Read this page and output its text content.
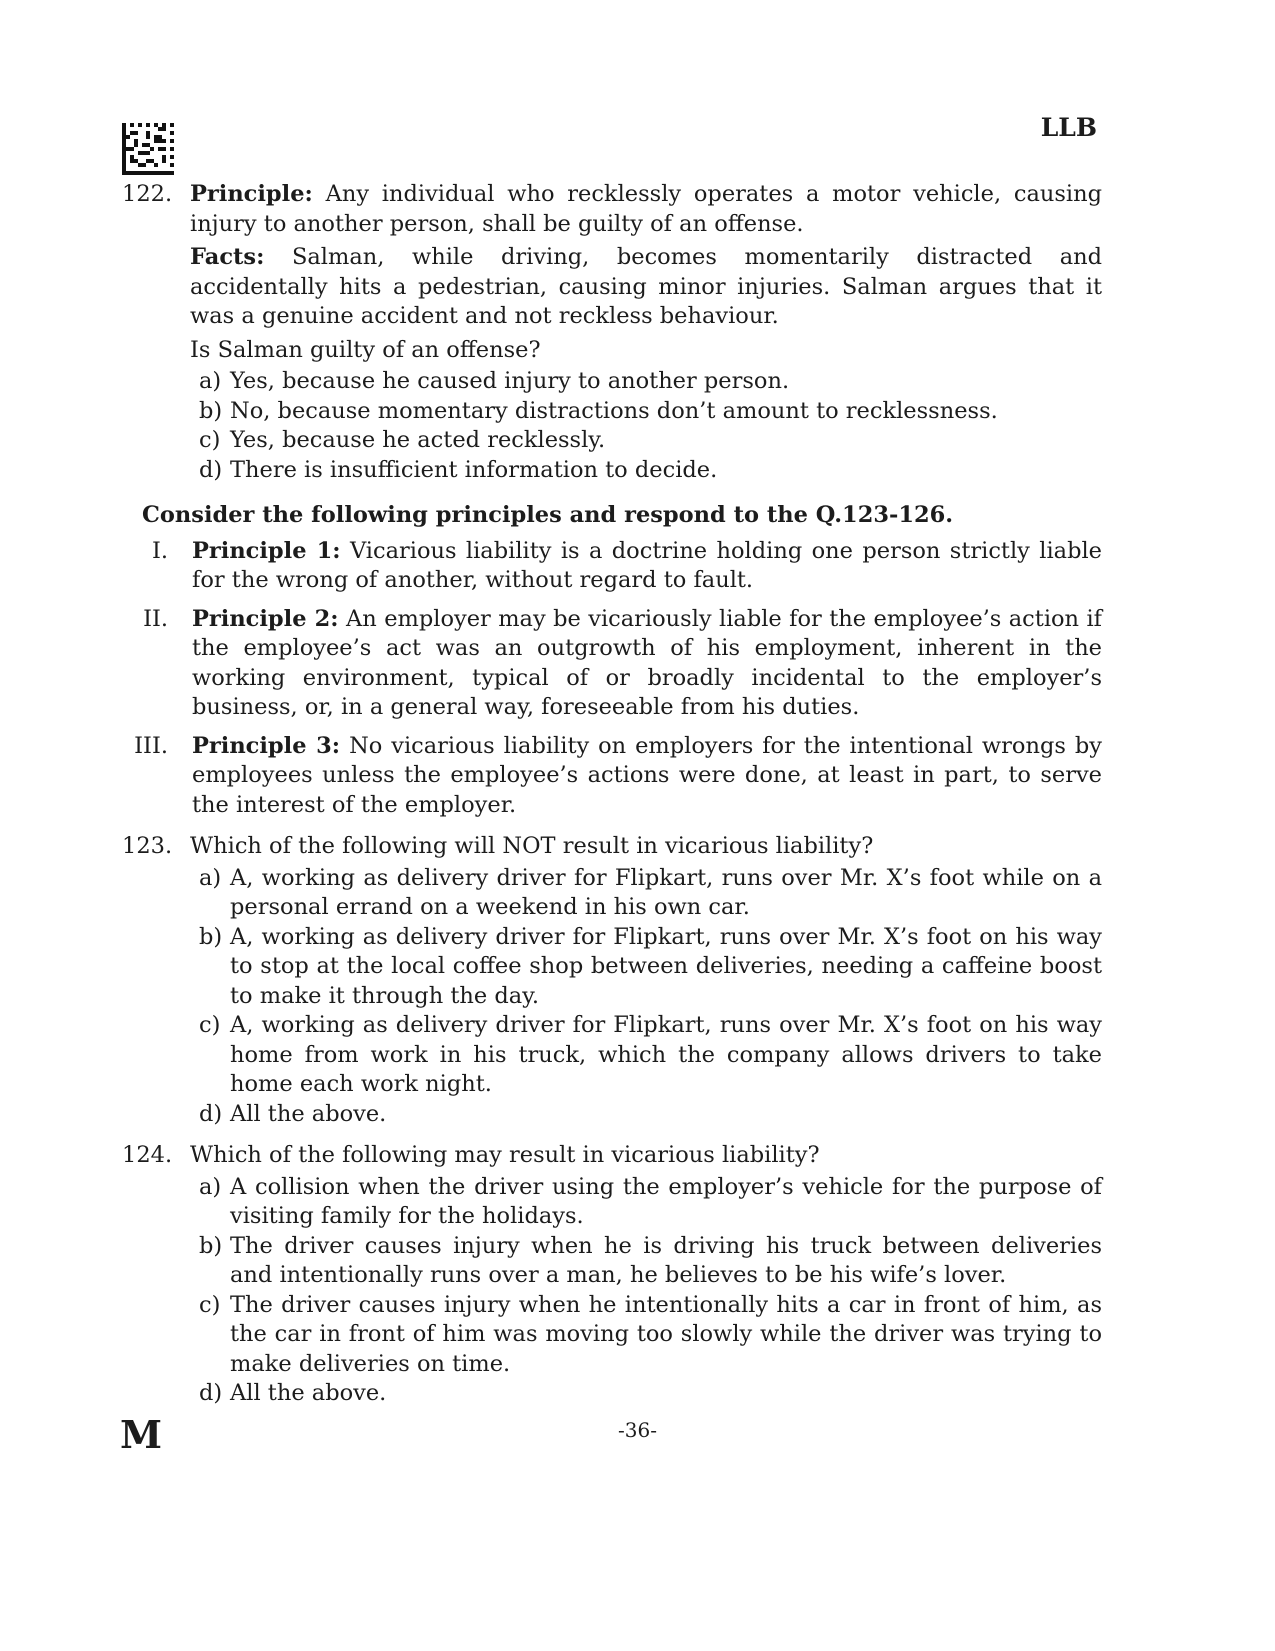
LLB
122. Principle: Any individual who recklessly operates a motor vehicle, causing injury to another person, shall be guilty of an offense.

Facts: Salman, while driving, becomes momentarily distracted and accidentally hits a pedestrian, causing minor injuries. Salman argues that it was a genuine accident and not reckless behaviour.

Is Salman guilty of an offense?

a) Yes, because he caused injury to another person.
b) No, because momentary distractions don’t amount to recklessness.
c) Yes, because he acted recklessly.
d) There is insufficient information to decide.
Consider the following principles and respond to the Q.123-126.
I.	Principle 1: Vicarious liability is a doctrine holding one person strictly liable for the wrong of another, without regard to fault.
II.	Principle 2: An employer may be vicariously liable for the employee’s action if the employee’s act was an outgrowth of his employment, inherent in the working environment, typical of or broadly incidental to the employer’s business, or, in a general way, foreseeable from his duties.
III.	Principle 3: No vicarious liability on employers for the intentional wrongs by employees unless the employee’s actions were done, at least in part, to serve the interest of the employer.
123. Which of the following will NOT result in vicarious liability?
a) A, working as delivery driver for Flipkart, runs over Mr. X’s foot while on a personal errand on a weekend in his own car.
b) A, working as delivery driver for Flipkart, runs over Mr. X’s foot on his way to stop at the local coffee shop between deliveries, needing a caffeine boost to make it through the day.
c) A, working as delivery driver for Flipkart, runs over Mr. X’s foot on his way home from work in his truck, which the company allows drivers to take home each work night.
d) All the above.
124. Which of the following may result in vicarious liability?
a) A collision when the driver using the employer’s vehicle for the purpose of visiting family for the holidays.
b) The driver causes injury when he is driving his truck between deliveries and intentionally runs over a man, he believes to be his wife’s lover.
c) The driver causes injury when he intentionally hits a car in front of him, as the car in front of him was moving too slowly while the driver was trying to make deliveries on time.
d) All the above.
M	-36-
